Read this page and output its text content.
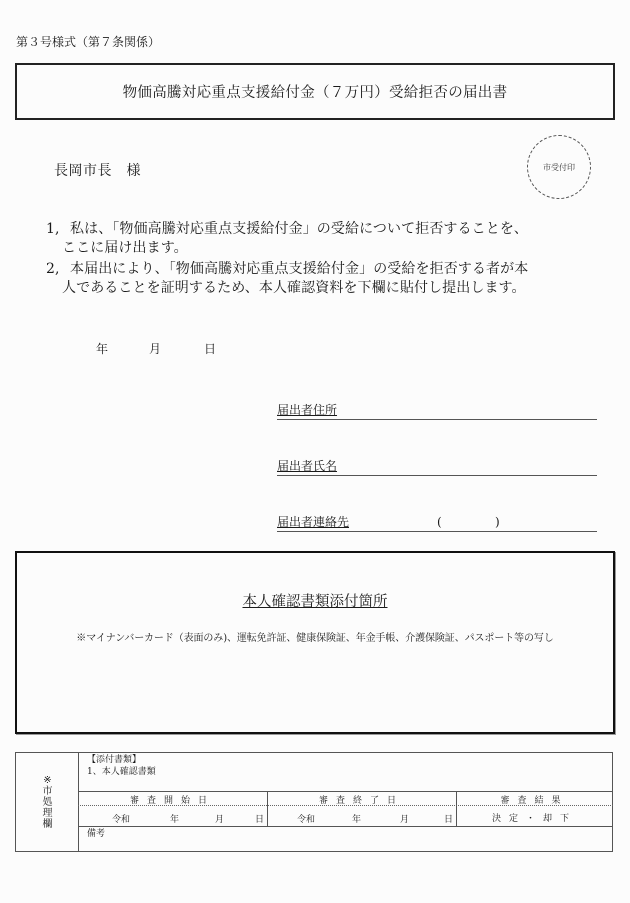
第３号様式（第７条関係）
物価高騰対応重点支援給付金（７万円）受給拒否の届出書
長岡市長　様	市受付印
1, 私は、「物価高騰対応重点支援給付金」の受給について拒否することを、
ここに届け出ます。
2, 本届出により、「物価高騰対応重点支援給付金」の受給を拒否する者が本
人であることを証明するため、本人確認資料を下欄に貼付し提出します。
年	月	日
届出者住所
届出者氏名
届出者連絡先	(	)
本人確認書類添付箇所
※マイナンバーカード（表面のみ)、運転免許証、健康保険証、年金手帳、介護保険証、パスポート等の写し
※
市
処
理
欄
【添付書類】
1、本人確認書類
審査開始日	審査終了日	審査結果
令和	年	月	日	令和	年	月	日	決定・却下
備考
